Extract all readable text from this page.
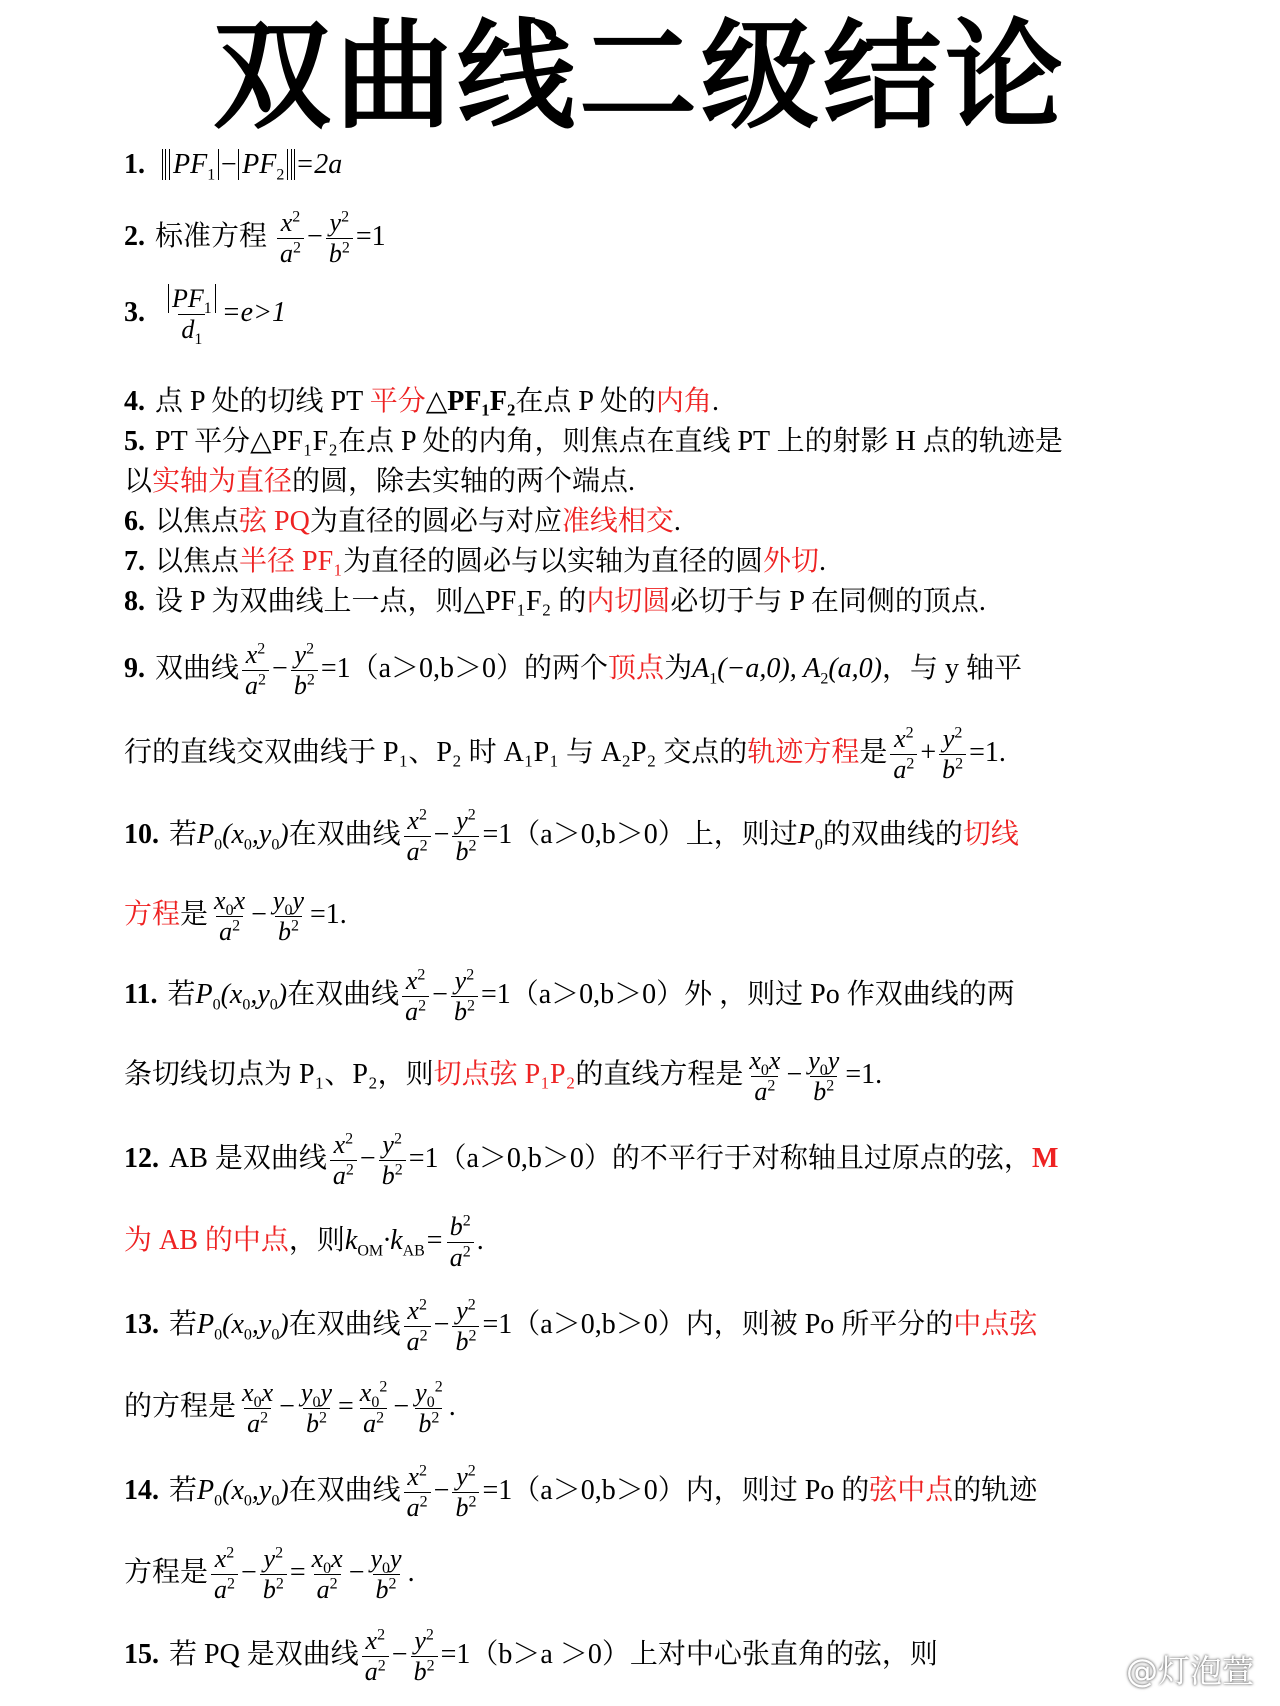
双曲线二级结论
1. $PF_1 - PF_2 =2a$
2. 标准方程 $\frac{x^2}{a^2} - \frac{y^2}{b^2} =1$
3. $\frac{PF_1}{d_1} =e>1$
4. 点 P 处的切线 PT 平分△PF₁F₂在点 P 处的内角.
5. PT 平分△PF₁F₂在点 P 处的内角，则焦点在直线 PT 上的射影 H 点的轨迹是
以实轴为直径的圆，除去实轴的两个端点.
6. 以焦点弦 PQ为直径的圆必与对应准线相交.
7. 以焦点半径 PF₁为直径的圆必与以实轴为直径的圆外切.
8. 设 P 为双曲线上一点，则△PF₁F₂ 的内切圆必切于与 P 在同侧的顶点.
9. 双曲线 $\frac{x^2}{a^2} - \frac{y^2}{b^2} =1(a>0,b>0)$的两个顶点为$A_1(-a,0)$, $A_2(a,0)$，与 y 轴平
行的直线交双曲线于 P₁、P₂ 时 A₁P₁ 与 A₂P₂ 交点的轨迹方程是 $\frac{x^2}{a^2} + \frac{y^2}{b^2} =1$.
10. 若$P_0(x_0,y_0)$在双曲线 $\frac{x^2}{a^2} - \frac{y^2}{b^2} =1(a>0,b>0)$上，则过$P_0$的双曲线的切线
方程是 $\frac{x_0x}{a^2} - \frac{y_0y}{b^2} =1$.
11. 若$P_0(x_0,y_0)$在双曲线 $\frac{x^2}{a^2} - \frac{y^2}{b^2} =1(a>0,b>0)$外 ，则过 Po 作双曲线的两
条切线切点为 P₁、P₂，则切点弦 P₁P₂的直线方程是 $\frac{x_0x}{a^2} - \frac{y_0y}{b^2} =1$.
12. AB 是双曲线 $\frac{x^2}{a^2} - \frac{y^2}{b^2} =1(a>0,b>0)$的不平行于对称轴且过原点的弦，M
为 AB 的中点，则$k_{OM}\cdot k_{AB}= \frac{b^2}{a^2}$ .
13. 若$P_0(x_0,y_0)$在双曲线 $\frac{x^2}{a^2} - \frac{y^2}{b^2} =1(a>0,b>0)$内，则被 Po 所平分的中点弦
的方程是 $\frac{x_0x}{a^2} - \frac{y_0y}{b^2} = \frac{x_0^2}{a^2} - \frac{y_0^2}{b^2}$ .
14. 若$P_0(x_0,y_0)$在双曲线 $\frac{x^2}{a^2} - \frac{y^2}{b^2} =1(a>0,b>0)$内，则过 Po 的弦中点的轨迹
方程是 $\frac{x^2}{a^2} - \frac{y^2}{b^2} = \frac{x_0x}{a^2} - \frac{y_0y}{b^2}$ .
15. 若 PQ 是双曲线 $\frac{x^2}{a^2} - \frac{y^2}{b^2} =1(b>a >0)$上对中心张直角的弦，则	@灯泡萱
